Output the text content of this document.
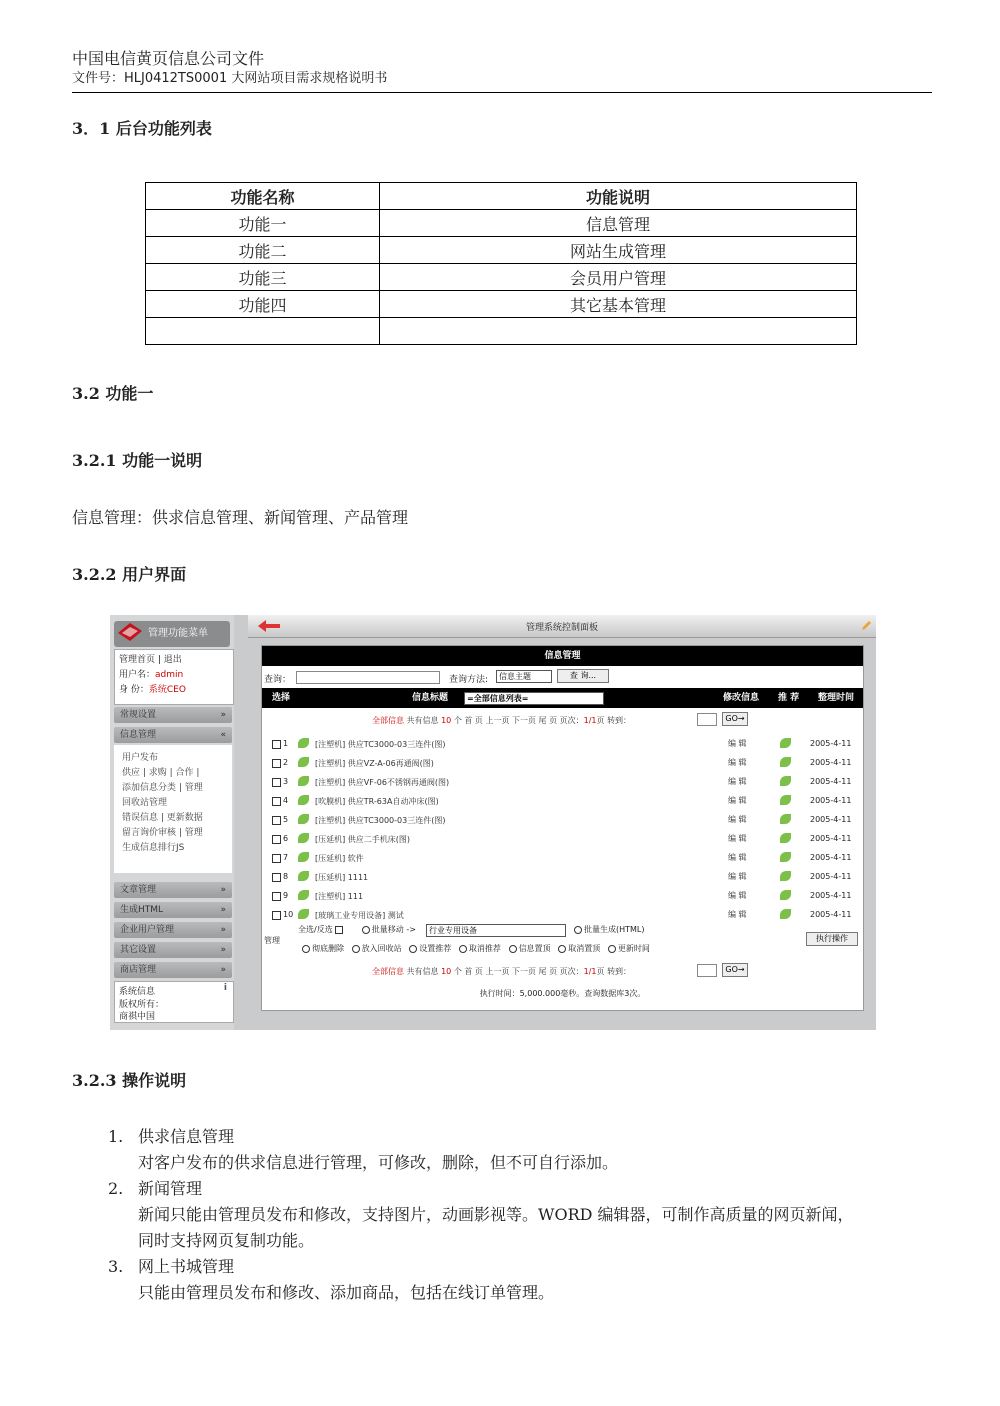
中国电信黄页信息公司文件
文件号：HLJ0412TS0001 大网站项目需求规格说明书
3．1 后台功能列表
功能名称	功能说明
功能一	信息管理
功能二	网站生成管理
功能三	会员用户管理
功能四	其它基本管理

3.2 功能一
3.2.1 功能一说明
信息管理：供求信息管理、新闻管理、产品管理
3.2.2 用户界面
管理功能菜单
管理首页 | 退出
用户名：admin
身 份：系统CEO
常规设置	»
信息管理	«
用户发布
供应 | 求购 | 合作 |
添加信息分类 | 管理
回收站管理
错误信息 | 更新数据
留言询价审核 | 管理
生成信息排行JS
文章管理	»
生成HTML	»
企业用户管理	»
其它设置	»
商店管理	»
系统信息	i
版权所有：
商祺中国
管理系统控制面板
信息管理
查询：	查询方法:	信息主题	查 询...
选择	信息标题	=全部信息列表=	修改信息 推 荐 整理时间
全部信息 共有信息 10 个 首 页 上一页 下一页 尾 页 页次：1/1页 转到：	GO→
1	[注塑机] 供应TC3000-03三连件(图)	编 辑	2005-4-11
2	[注塑机] 供应VZ-A-06再通阀(图)	编 辑	2005-4-11
3	[注塑机] 供应VF-06不锈钢再通阀(图)	编 辑	2005-4-11
4	[吹膜机] 供应TR-63A自动冲床(图)	编 辑	2005-4-11
5	[注塑机] 供应TC3000-03三连件(图)	编 辑	2005-4-11
6	[压延机] 供应二手机床(图)	编 辑	2005-4-11
7	[压延机] 软件	编 辑	2005-4-11
8	[压延机] 1111	编 辑	2005-4-11
9	[注塑机] 111	编 辑	2005-4-11
10	[玻璃工业专用设备] 测试	编 辑	2005-4-11
管理
全选/反选	批量移动 ->	行业专用设备	批量生成(HTML)
执行操作
彻底删除 放入回收站 设置推荐 取消推荐 信息置顶 取消置顶 更新时间
全部信息 共有信息 10 个 首 页 上一页 下一页 尾 页 页次：1/1页 转到：	GO→
执行时间：5,000.000毫秒。查询数据库3次。
3.2.3 操作说明
1. 供求信息管理
对客户发布的供求信息进行管理，可修改，删除，但不可自行添加。
2. 新闻管理
新闻只能由管理员发布和修改，支持图片，动画影视等。WORD 编辑器，可制作高质量的网页新闻，
同时支持网页复制功能。
3. 网上书城管理
只能由管理员发布和修改、添加商品，包括在线订单管理。
